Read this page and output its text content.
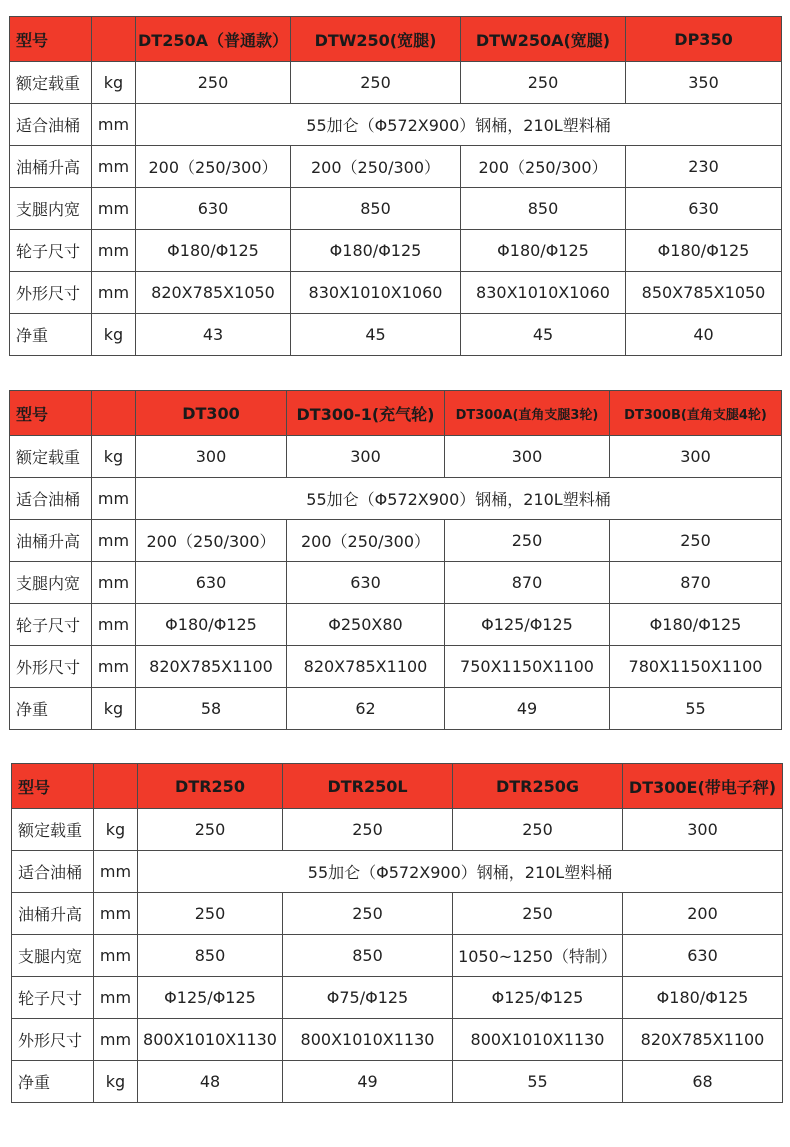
型号		DT250A（普通款）	DTW250(宽腿)	DTW250A(宽腿)	DP350
额定载重	kg	250	250	250	350
适合油桶	mm	55加仑（Φ572X900）钢桶，210L塑料桶			
油桶升高	mm	200（250/300）	200（250/300）	200（250/300）	230
支腿内宽	mm	630	850	850	630
轮子尺寸	mm	Φ180/Φ125	Φ180/Φ125	Φ180/Φ125	Φ180/Φ125
外形尺寸	mm	820X785X1050	830X1010X1060	830X1010X1060	850X785X1050
净重	kg	43	45	45	40
型号		DT300	DT300-1(充气轮)	DT300A(直角支腿3轮)	DT300B(直角支腿4轮)
额定载重	kg	300	300	300	300
适合油桶	mm	55加仑（Φ572X900）钢桶，210L塑料桶			
油桶升高	mm	200（250/300）	200（250/300）	250	250
支腿内宽	mm	630	630	870	870
轮子尺寸	mm	Φ180/Φ125	Φ250X80	Φ125/Φ125	Φ180/Φ125
外形尺寸	mm	820X785X1100	820X785X1100	750X1150X1100	780X1150X1100
净重	kg	58	62	49	55
型号		DTR250	DTR250L	DTR250G	DT300E(带电子秤)
额定载重	kg	250	250	250	300
适合油桶	mm	55加仑（Φ572X900）钢桶，210L塑料桶			
油桶升高	mm	250	250	250	200
支腿内宽	mm	850	850	1050~1250（特制）	630
轮子尺寸	mm	Φ125/Φ125	Φ75/Φ125	Φ125/Φ125	Φ180/Φ125
外形尺寸	mm	800X1010X1130	800X1010X1130	800X1010X1130	820X785X1100
净重	kg	48	49	55	68
